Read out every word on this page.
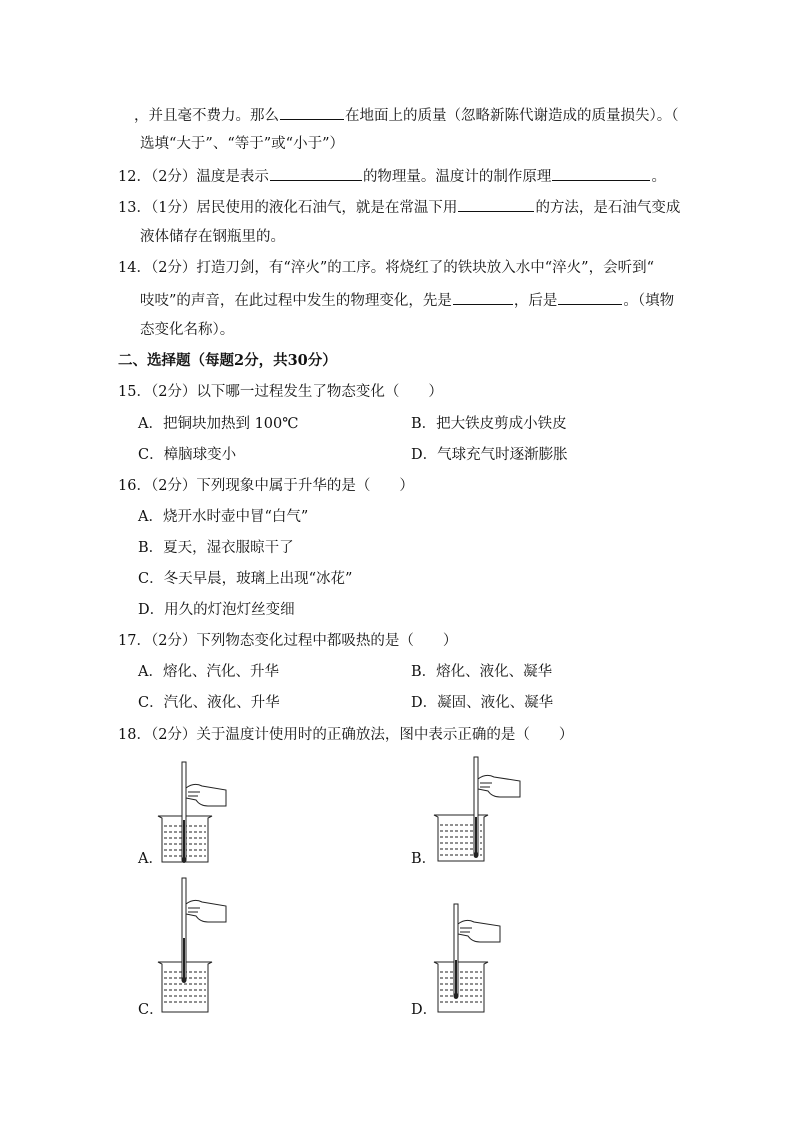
，并且毫不费力。那么	在地面上的质量（忽略新陈代谢造成的质量损失）。（
选填“大于”、“等于”或“小于”）
12．（2分）温度是表示	的物理量。温度计的制作原理	。
13．（1分）居民使用的液化石油气，就是在常温下用	的方法，是石油气变成
液体储存在钢瓶里的。
14．（2分）打造刀剑，有“淬火”的工序。将烧红了的铁块放入水中“淬火”，会听到“
吱吱”的声音，在此过程中发生的物理变化，先是	，后是	。（填物
态变化名称）。
二、选择题（每题2分，共30分）
15．（2分）以下哪一过程发生了物态变化（　　）
A．把铜块加热到 100℃	B．把大铁皮剪成小铁皮
C．樟脑球变小	D．气球充气时逐渐膨胀
16．（2分）下列现象中属于升华的是（　　）
A．烧开水时壶中冒“白气”
B．夏天，湿衣服晾干了
C．冬天早晨，玻璃上出现“冰花”
D．用久的灯泡灯丝变细
17．（2分）下列物态变化过程中都吸热的是（　　）
A．熔化、汽化、升华	B．熔化、液化、凝华
C．汽化、液化、升华	D．凝固、液化、凝华
18．（2分）关于温度计使用时的正确放法，图中表示正确的是（　　）
A．	B．
C．	D．
